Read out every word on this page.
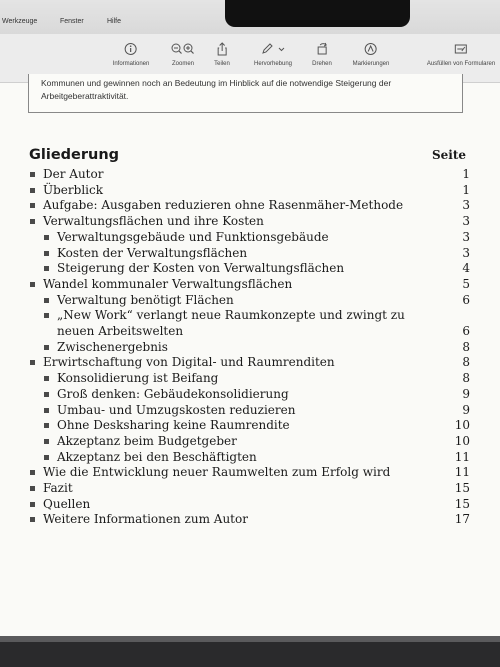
Werkzeuge	Fenster	Hilfe
Informationen	Zoomen	Teilen	Hervorhebung	Drehen	Markierungen	Ausfüllen von Formularen
Kommunen und gewinnen noch an Bedeutung im Hinblick auf die notwendige Steigerung der
Arbeitgeberattraktivität.
Gliederung	Seite
Der Autor	1
Überblick	1
Aufgabe: Ausgaben reduzieren ohne Rasenmäher-Methode	3
Verwaltungsflächen und ihre Kosten	3
Verwaltungsgebäude und Funktionsgebäude	3
Kosten der Verwaltungsflächen	3
Steigerung der Kosten von Verwaltungsflächen	4
Wandel kommunaler Verwaltungsflächen	5
Verwaltung benötigt Flächen	6
„New Work“ verlangt neue Raumkonzepte und zwingt zu
neuen Arbeitswelten	6
Zwischenergebnis	8
Erwirtschaftung von Digital- und Raumrenditen	8
Konsolidierung ist Beifang	8
Groß denken: Gebäudekonsolidierung	9
Umbau- und Umzugskosten reduzieren	9
Ohne Desksharing keine Raumrendite	10
Akzeptanz beim Budgetgeber	10
Akzeptanz bei den Beschäftigten	11
Wie die Entwicklung neuer Raumwelten zum Erfolg wird	11
Fazit	15
Quellen	15
Weitere Informationen zum Autor	17
